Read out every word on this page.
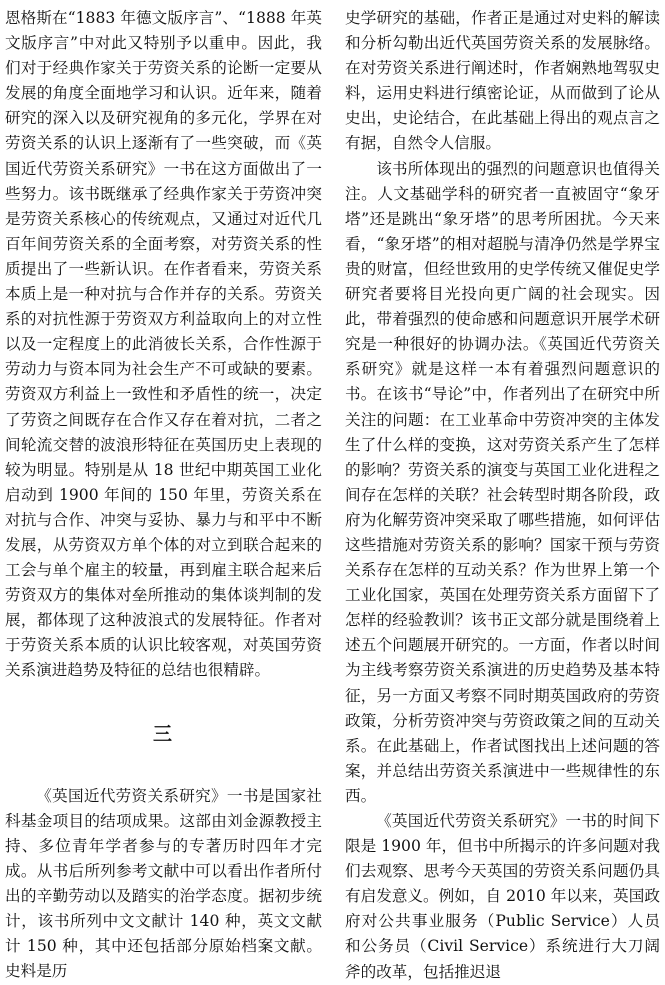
恩格斯在“1883 年德文版序言”、“1888 年英文版序言”中对此又特别予以重申。因此，我们对于经典作家关于劳资关系的论断一定要从发展的角度全面地学习和认识。近年来，随着研究的深入以及研究视角的多元化，学界在对劳资关系的认识上逐渐有了一些突破，而《英国近代劳资关系研究》一书在这方面做出了一些努力。该书既继承了经典作家关于劳资冲突是劳资关系核心的传统观点，又通过对近代几百年间劳资关系的全面考察，对劳资关系的性质提出了一些新认识。在作者看来，劳资关系本质上是一种对抗与合作并存的关系。劳资关系的对抗性源于劳资双方利益取向上的对立性以及一定程度上的此消彼长关系，合作性源于劳动力与资本同为社会生产不可或缺的要素。劳资双方利益上一致性和矛盾性的统一，决定了劳资之间既存在合作又存在着对抗，二者之间轮流交替的波浪形特征在英国历史上表现的较为明显。特别是从 18 世纪中期英国工业化启动到 1900 年间的 150 年里，劳资关系在对抗与合作、冲突与妥协、暴力与和平中不断发展，从劳资双方单个体的对立到联合起来的工会与单个雇主的较量，再到雇主联合起来后劳资双方的集体对垒所推动的集体谈判制的发展，都体现了这种波浪式的发展特征。作者对于劳资关系本质的认识比较客观，对英国劳资关系演进趋势及特征的总结也很精辟。

三

《英国近代劳资关系研究》一书是国家社科基金项目的结项成果。这部由刘金源教授主持、多位青年学者参与的专著历时四年才完成。从书后所列参考文献中可以看出作者所付出的辛勤劳动以及踏实的治学态度。据初步统计，该书所列中文文献计 140 种，英文文献计 150 种，其中还包括部分原始档案文献。史料是历

史学研究的基础，作者正是通过对史料的解读和分析勾勒出近代英国劳资关系的发展脉络。在对劳资关系进行阐述时，作者娴熟地驾驭史料，运用史料进行缜密论证，从而做到了论从史出，史论结合，在此基础上得出的观点言之有据，自然令人信服。

该书所体现出的强烈的问题意识也值得关注。人文基础学科的研究者一直被固守“象牙塔”还是跳出“象牙塔”的思考所困扰。今天来看，“象牙塔”的相对超脱与清净仍然是学界宝贵的财富，但经世致用的史学传统又催促史学研究者要将目光投向更广阔的社会现实。因此，带着强烈的使命感和问题意识开展学术研究是一种很好的协调办法。《英国近代劳资关系研究》就是这样一本有着强烈问题意识的书。在该书“导论”中，作者列出了在研究中所关注的问题：在工业革命中劳资冲突的主体发生了什么样的变换，这对劳资关系产生了怎样的影响？劳资关系的演变与英国工业化进程之间存在怎样的关联？社会转型时期各阶段，政府为化解劳资冲突采取了哪些措施，如何评估这些措施对劳资关系的影响？国家干预与劳资关系存在怎样的互动关系？作为世界上第一个工业化国家，英国在处理劳资关系方面留下了怎样的经验教训？该书正文部分就是围绕着上述五个问题展开研究的。一方面，作者以时间为主线考察劳资关系演进的历史趋势及基本特征，另一方面又考察不同时期英国政府的劳资政策，分析劳资冲突与劳资政策之间的互动关系。在此基础上，作者试图找出上述问题的答案，并总结出劳资关系演进中一些规律性的东西。

《英国近代劳资关系研究》一书的时间下限是 1900 年，但书中所揭示的许多问题对我们去观察、思考今天英国的劳资关系问题仍具有启发意义。例如，自 2010 年以来，英国政府对公共事业服务（Public Service）人员和公务员（Civil Service）系统进行大刀阔斧的改革，包括推迟退
